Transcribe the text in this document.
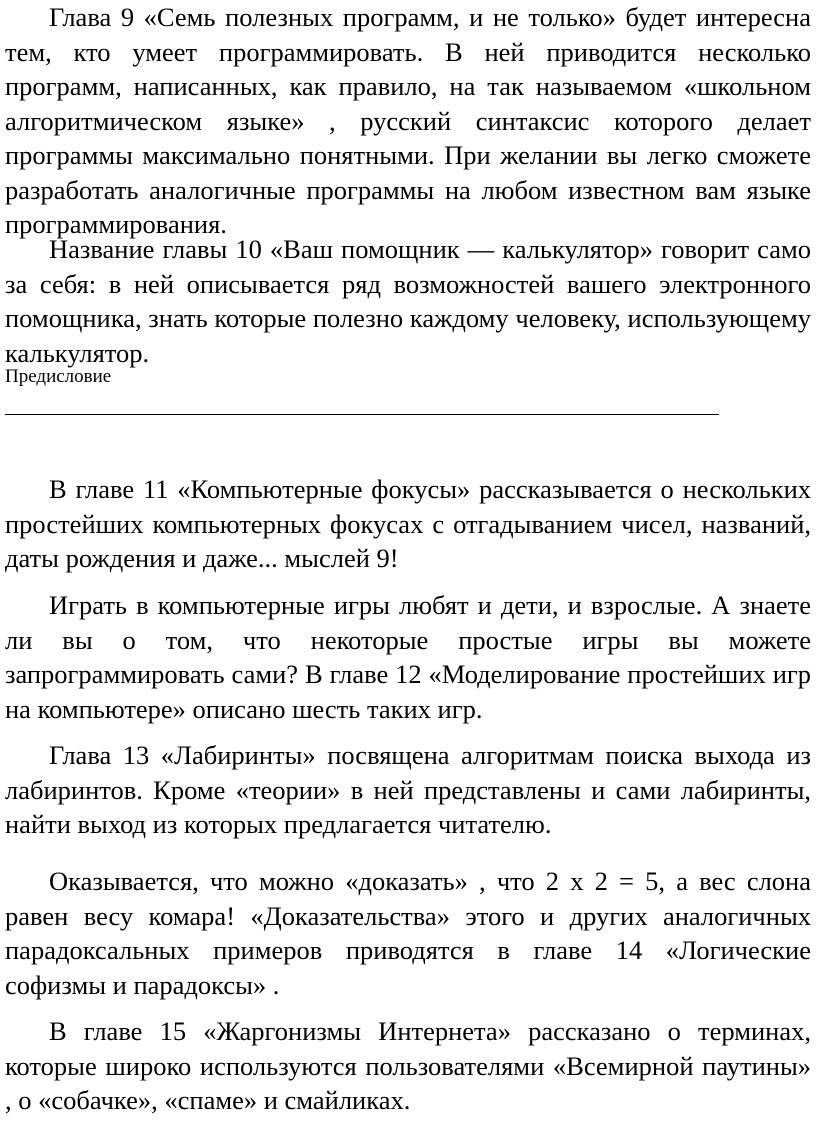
Глава 9 «Семь полезных программ, и не только» будет интересна тем, кто умеет программировать. В ней приводится несколько программ, написанных, как правило, на так называемом «школьном алгоритмическом языке» , русский синтаксис которого делает программы максимально понятными. При желании вы легко сможете разработать аналогичные программы на любом известном вам языке программирования.

Название главы 10 «Ваш помощник — калькулятор» говорит само за себя: в ней описывается ряд возможностей вашего электронного помощника, знать которые полезно каждому человеку, использующему калькулятор.

Предисловие

В главе 11 «Компьютерные фокусы» рассказывается о нескольких простейших компьютерных фокусах с отгадыванием чисел, названий, даты рождения и даже... мыслей 9!

Играть в компьютерные игры любят и дети, и взрослые. А знаете ли вы о том, что некоторые простые игры вы можете запрограммировать сами? В главе 12 «Моделирование простейших игр на компьютере» описано шесть таких игр.

Глава 13 «Лабиринты» посвящена алгоритмам поиска выхода из лабиринтов. Кроме «теории» в ней представлены и сами лабиринты, найти выход из которых предлагается читателю.

Оказывается, что можно «доказать» , что 2 х 2 = 5, а вес слона равен весу комара! «Доказательства» этого и других аналогичных парадоксальных примеров приводятся в главе 14 «Логические софизмы и парадоксы» .

В главе 15 «Жаргонизмы Интернета» рассказано о терминах, которые широко используются пользователями «Всемирной паутины» , о «собачке», «спаме» и смайликах.
